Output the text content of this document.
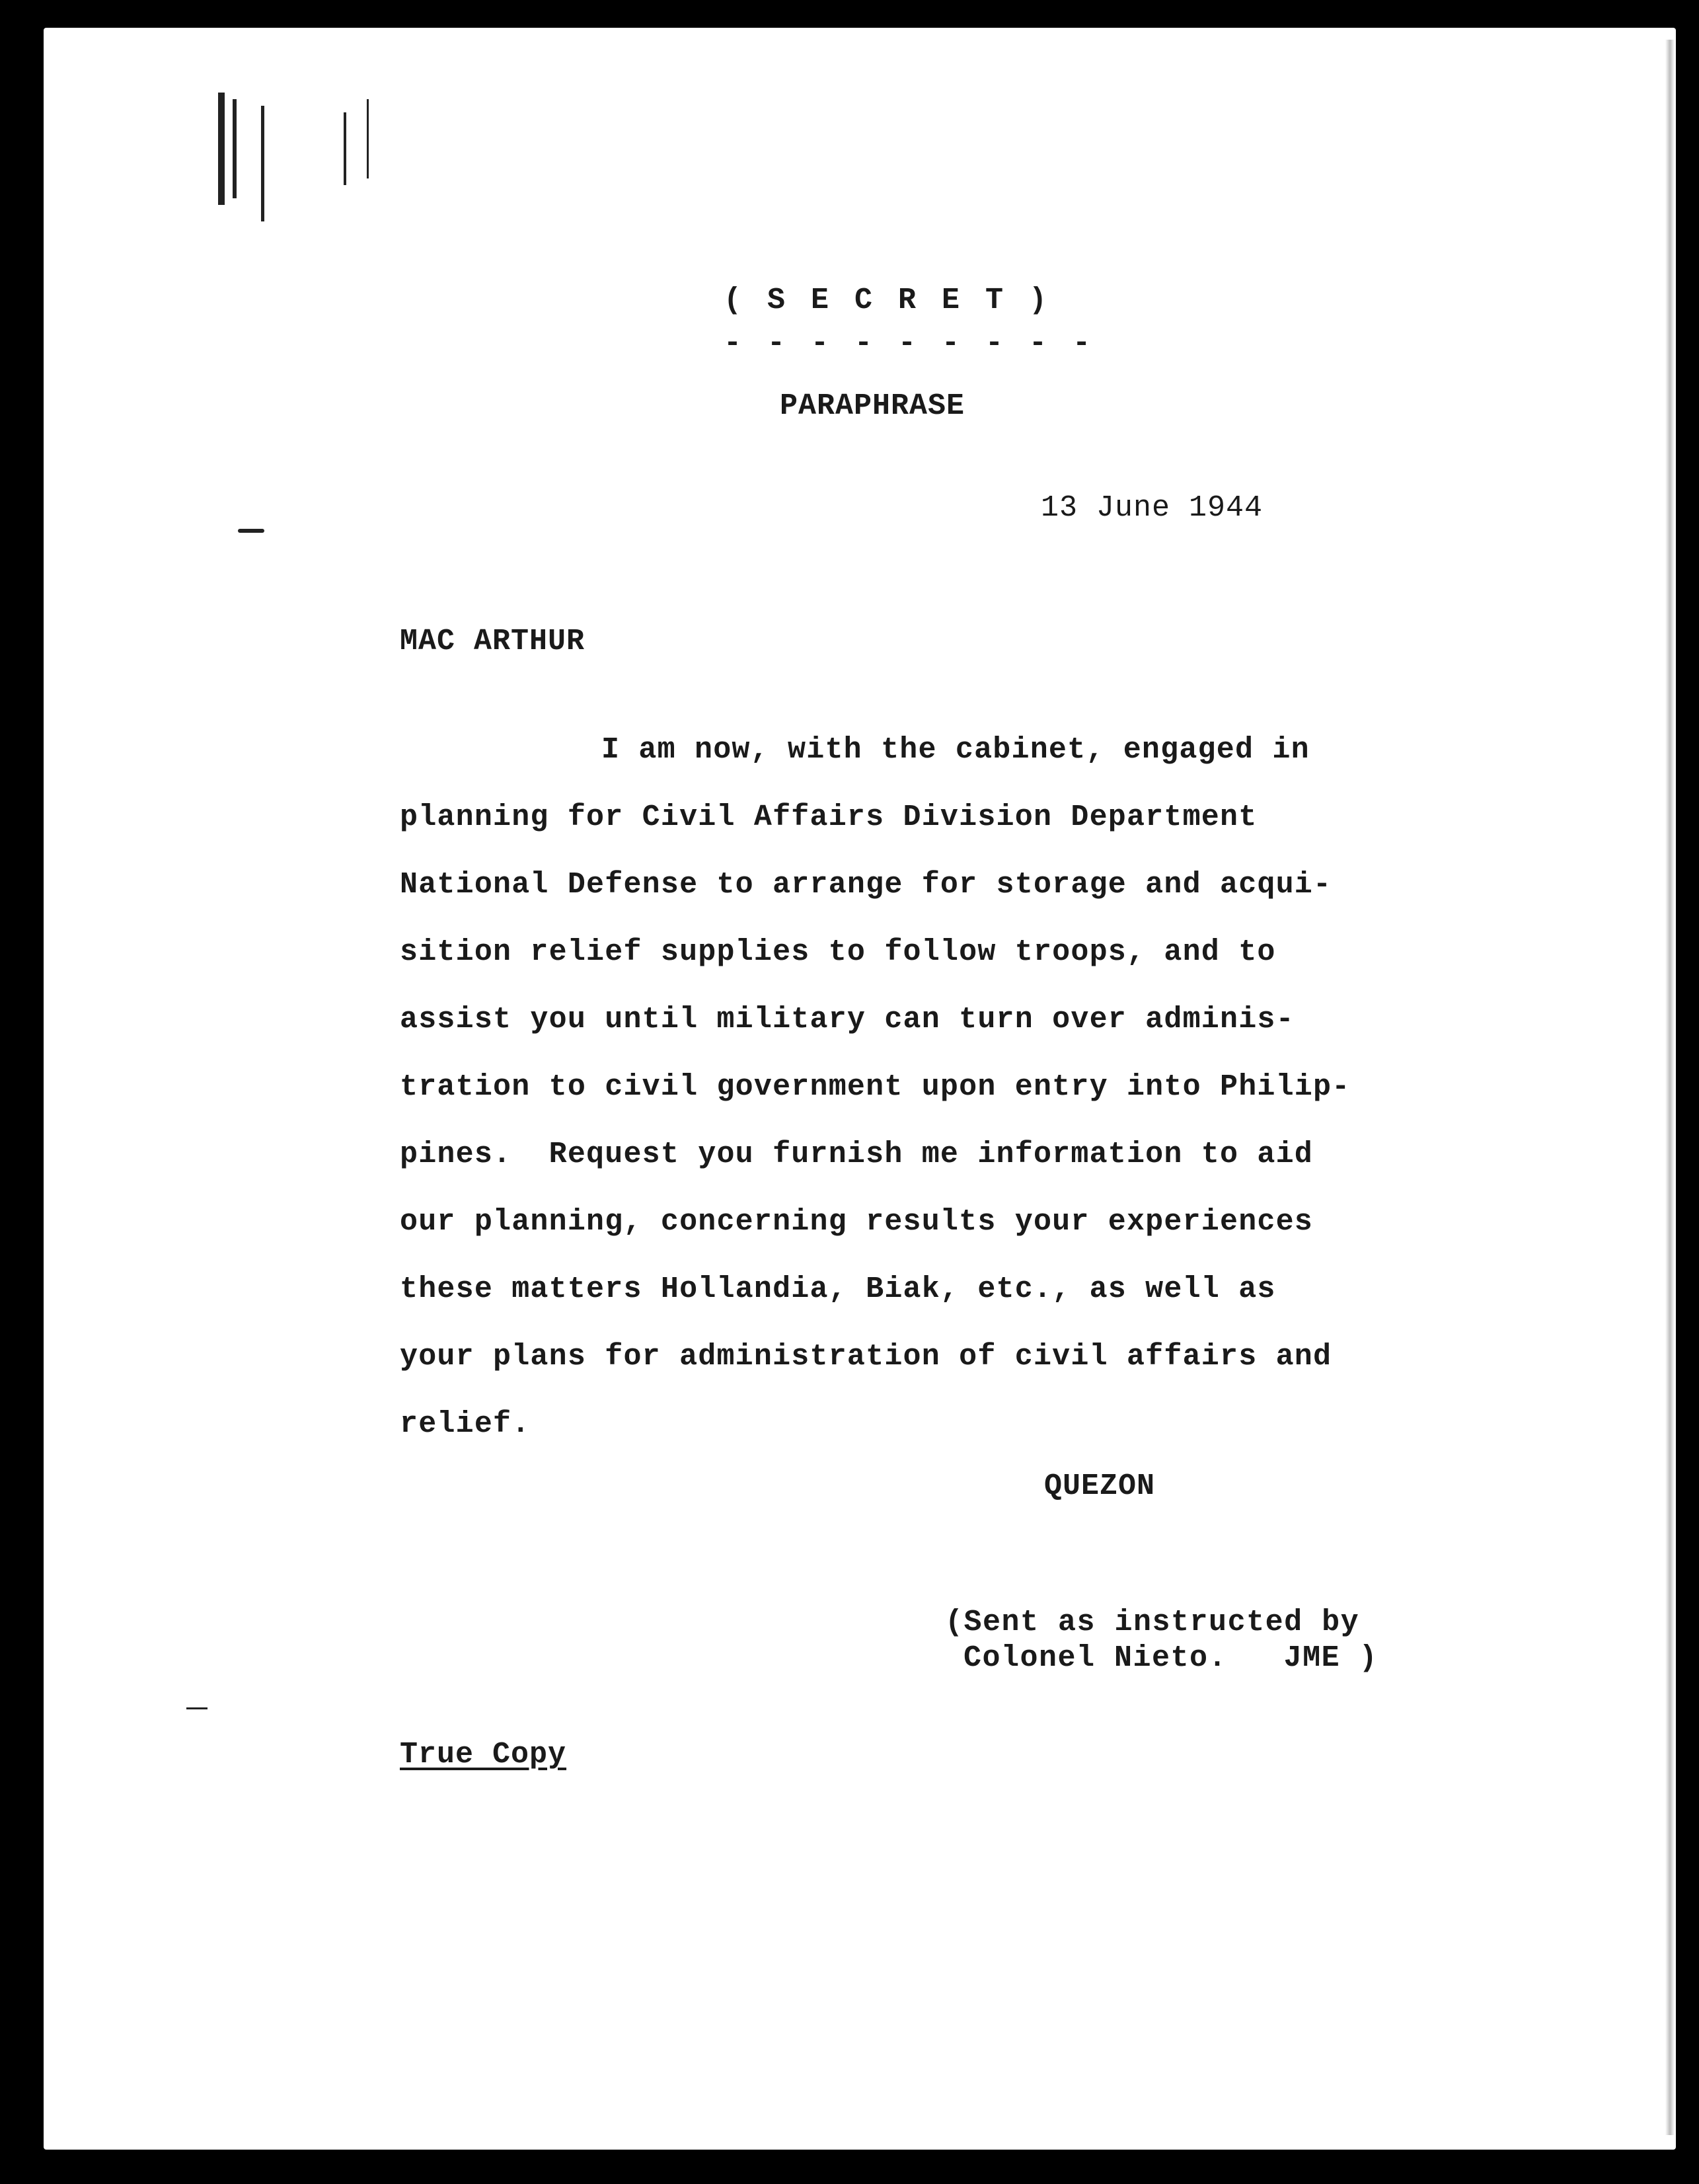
( S E C R E T )
- - - - - - - - -
PARAPHRASE
13 June 1944
MAC ARTHUR
I am now, with the cabinet, engaged in
planning for Civil Affairs Division Department
National Defense to arrange for storage and acqui-
sition relief supplies to follow troops, and to
assist you until military can turn over adminis-
tration to civil government upon entry into Philip-
pines.  Request you furnish me information to aid
our planning, concerning results your experiences
these matters Hollandia, Biak, etc., as well as
your plans for administration of civil affairs and
relief.
QUEZON
(Sent as instructed by
Colonel Nieto.   JME )
True Copy
